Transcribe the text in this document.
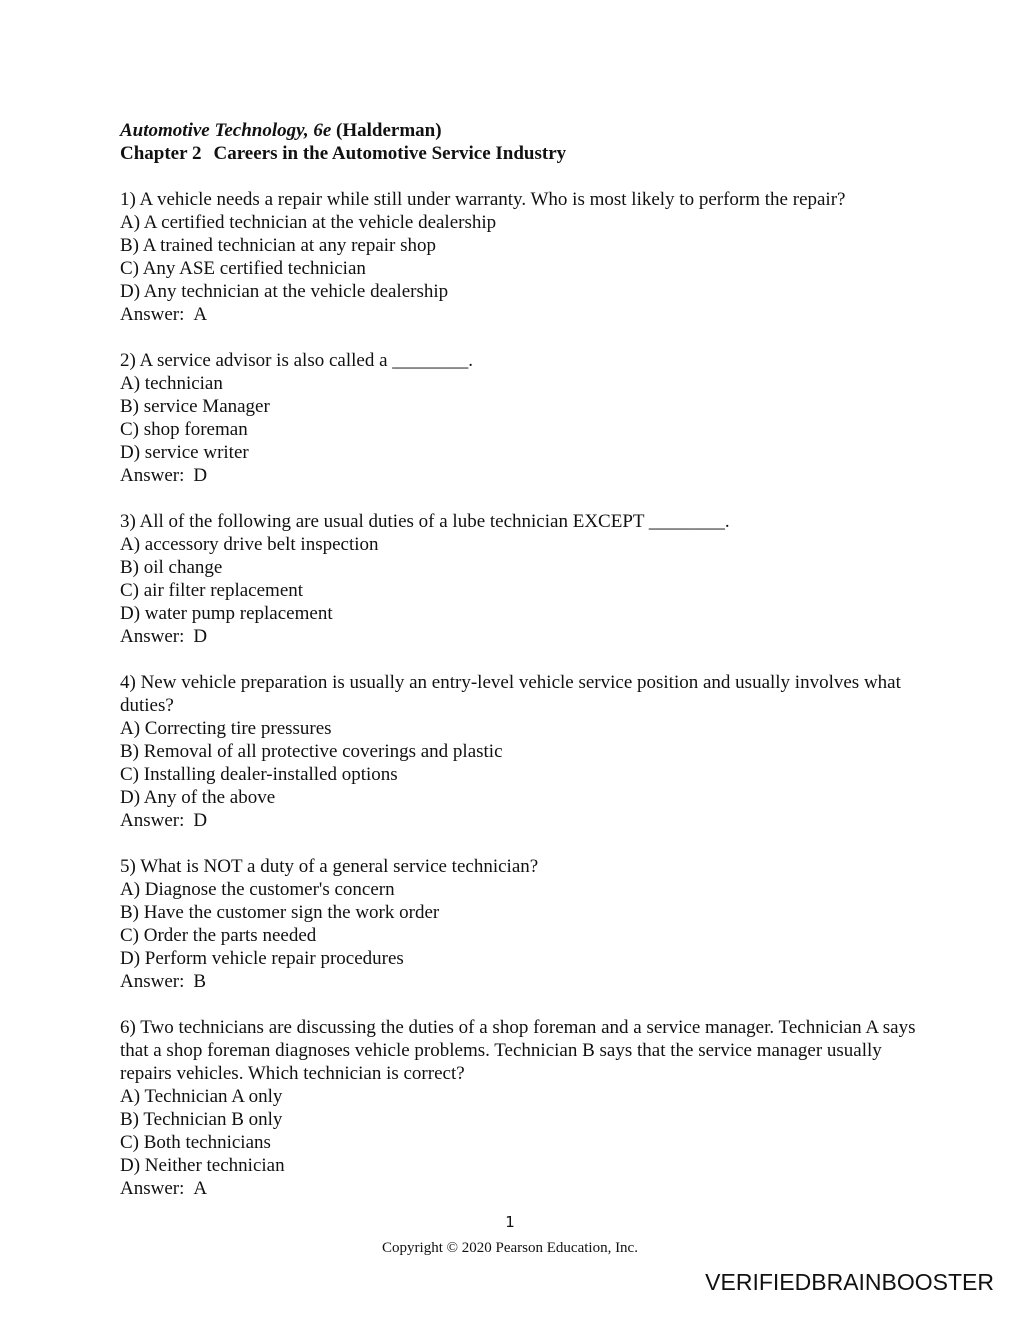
Automotive Technology, 6e (Halderman)

Chapter 2 Careers in the Automotive Service Industry

1) A vehicle needs a repair while still under warranty. Who is most likely to perform the repair?

A) A certified technician at the vehicle dealership

B) A trained technician at any repair shop

C) Any ASE certified technician

D) Any technician at the vehicle dealership

Answer: A

2) A service advisor is also called a ________.

A) technician

B) service Manager

C) shop foreman

D) service writer

Answer: D

3) All of the following are usual duties of a lube technician EXCEPT ________.

A) accessory drive belt inspection

B) oil change

C) air filter replacement

D) water pump replacement

Answer: D

4) New vehicle preparation is usually an entry-level vehicle service position and usually involves what duties?

A) Correcting tire pressures

B) Removal of all protective coverings and plastic

C) Installing dealer-installed options

D) Any of the above

Answer: D

5) What is NOT a duty of a general service technician?

A) Diagnose the customer's concern

B) Have the customer sign the work order

C) Order the parts needed

D) Perform vehicle repair procedures

Answer: B

6) Two technicians are discussing the duties of a shop foreman and a service manager. Technician A says that a shop foreman diagnoses vehicle problems. Technician B says that the service manager usually repairs vehicles. Which technician is correct?

A) Technician A only

B) Technician B only

C) Both technicians

D) Neither technician

Answer: A

1
Copyright © 2020 Pearson Education, Inc.
VERIFIEDBRAINBOOSTER
